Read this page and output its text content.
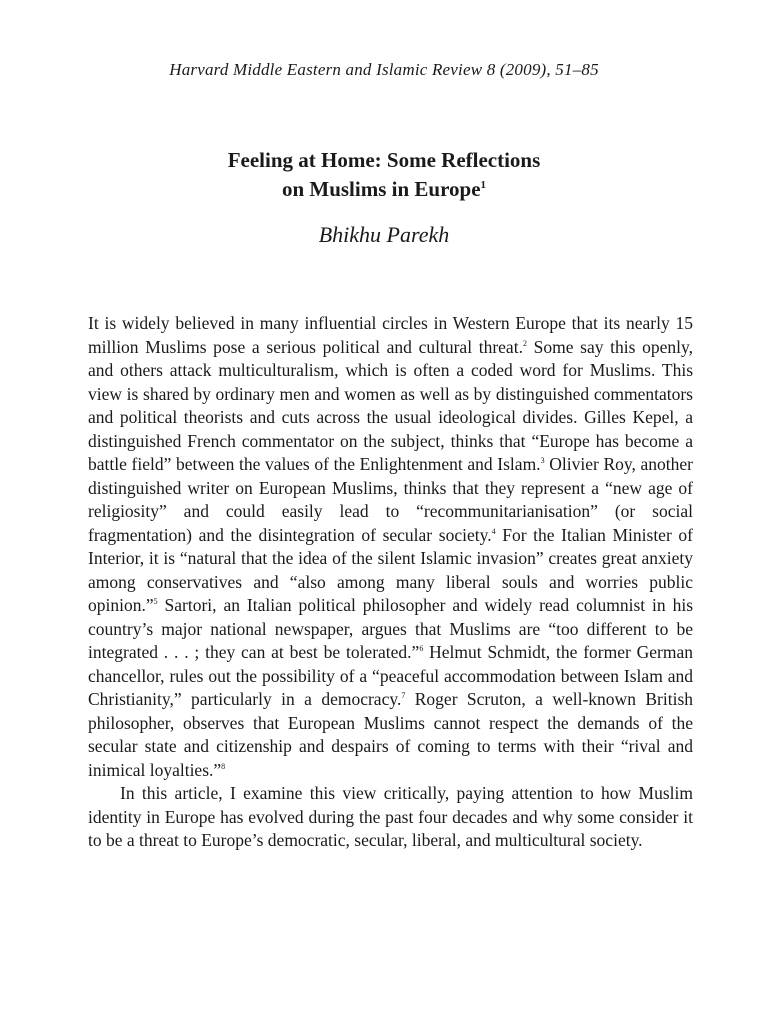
Harvard Middle Eastern and Islamic Review 8 (2009), 51–85
Feeling at Home: Some Reflections
on Muslims in Europe$^1$
Bhikhu Parekh

It is widely believed in many influential circles in Western Europe that its nearly 15 million Muslims pose a serious political and cultural threat.$^2$ Some say this openly, and others attack multiculturalism, which is often a coded word for Muslims. This view is shared by ordinary men and women as well as by distinguished commentators and political theorists and cuts across the usual ideological divides. Gilles Kepel, a distinguished French commentator on the subject, thinks that “Europe has become a battle field” between the values of the Enlightenment and Islam.$^3$ Olivier Roy, another distinguished writer on European Muslims, thinks that they represent a “new age of religiosity” and could easily lead to “recommunitarianisation” (or social fragmentation) and the disintegration of secular society.$^4$ For the Italian Minister of Interior, it is “natural that the idea of the silent Islamic invasion” creates great anxiety among conservatives and “also among many liberal souls and worries public opinion.”$^5$ Sartori, an Italian political philosopher and widely read columnist in his country’s major national newspaper, argues that Muslims are “too different to be integrated . . . ; they can at best be tolerated.”$^6$ Helmut Schmidt, the former German chancellor, rules out the possibility of a “peaceful accommodation between Islam and Christianity,” particularly in a democracy.$^7$ Roger Scruton, a well-known British philosopher, observes that European Muslims cannot respect the demands of the secular state and citizenship and despairs of coming to terms with their “rival and inimical loyalties.”$^8$

In this article, I examine this view critically, paying attention to how Muslim identity in Europe has evolved during the past four decades and why some consider it to be a threat to Europe’s democratic, secular, liberal, and multicultural society.
